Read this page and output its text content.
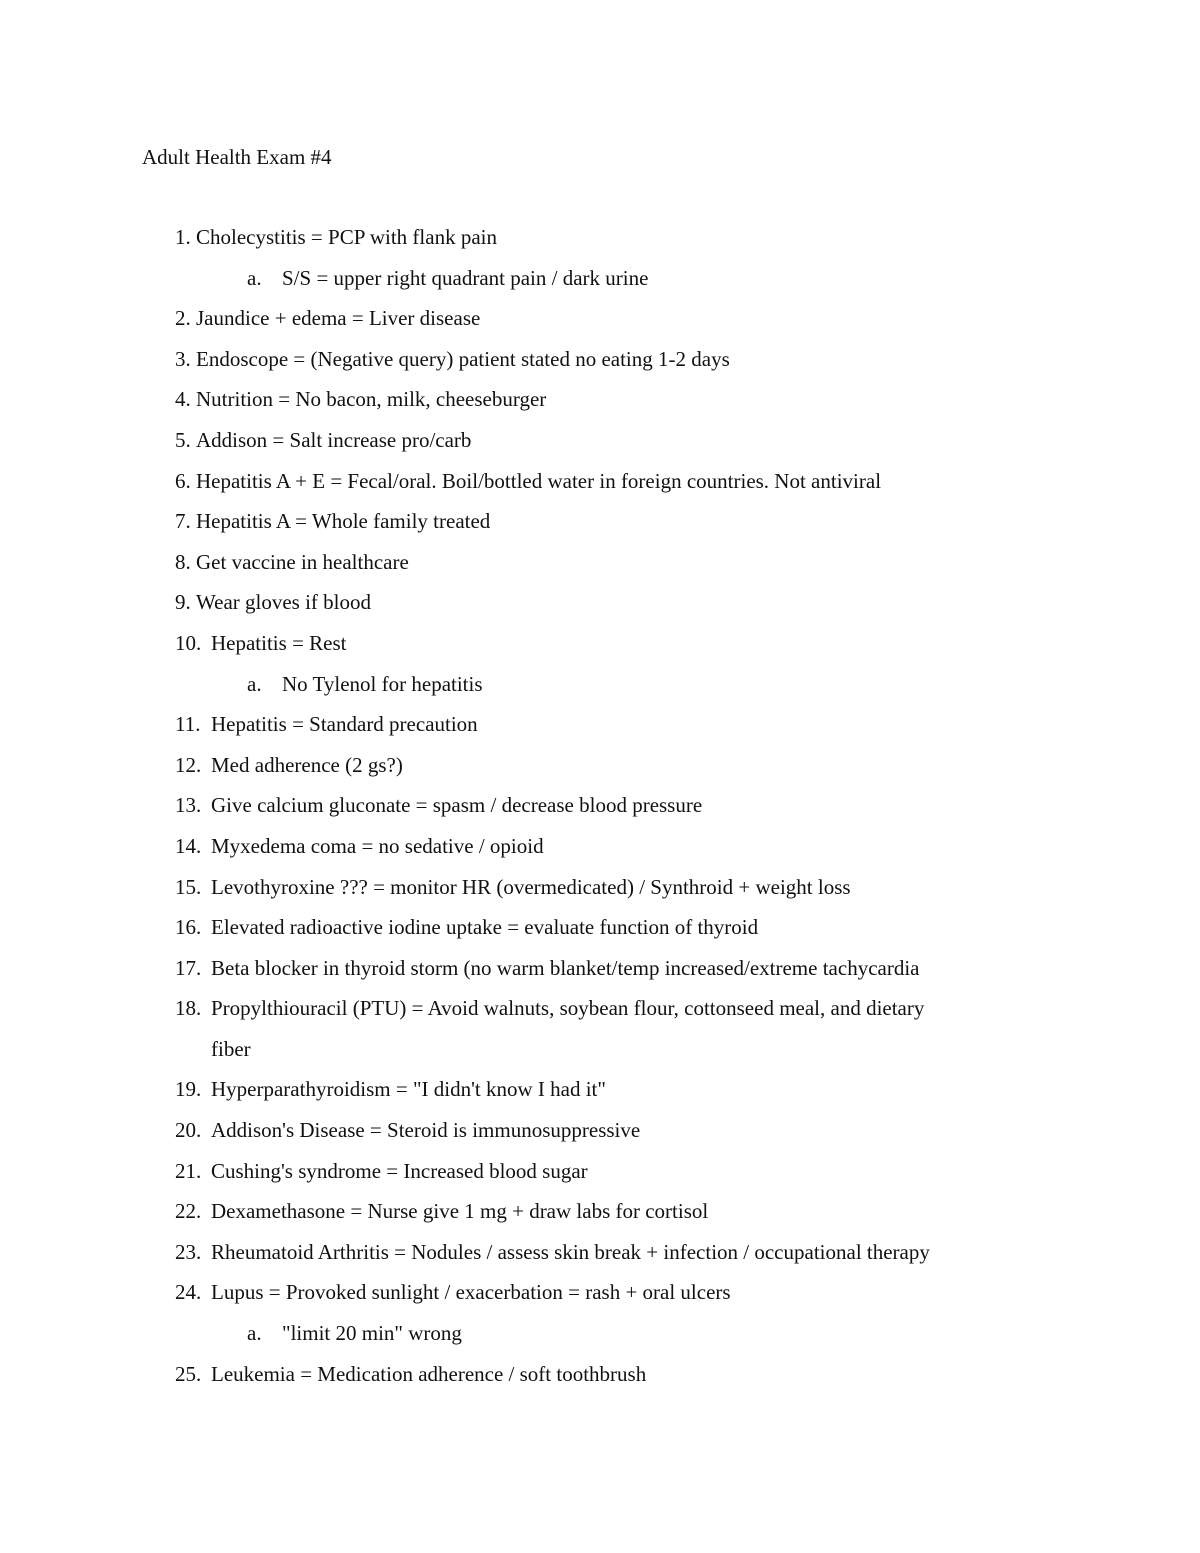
Adult Health Exam #4
1. Cholecystitis = PCP with flank pain
a. S/S = upper right quadrant pain / dark urine
2. Jaundice + edema = Liver disease
3. Endoscope = (Negative query) patient stated no eating 1-2 days
4. Nutrition = No bacon, milk, cheeseburger
5. Addison = Salt increase pro/carb
6. Hepatitis A + E = Fecal/oral. Boil/bottled water in foreign countries. Not antiviral
7. Hepatitis A = Whole family treated
8. Get vaccine in healthcare
9. Wear gloves if blood
10. Hepatitis = Rest
a. No Tylenol for hepatitis
11. Hepatitis = Standard precaution
12. Med adherence (2 gs?)
13. Give calcium gluconate = spasm / decrease blood pressure
14. Myxedema coma = no sedative / opioid
15. Levothyroxine ??? = monitor HR (overmedicated) / Synthroid + weight loss
16. Elevated radioactive iodine uptake = evaluate function of thyroid
17. Beta blocker in thyroid storm (no warm blanket/temp increased/extreme tachycardia
18. Propylthiouracil (PTU) = Avoid walnuts, soybean flour, cottonseed meal, and dietary
fiber
19. Hyperparathyroidism = "I didn't know I had it"
20. Addison's Disease = Steroid is immunosuppressive
21. Cushing's syndrome = Increased blood sugar
22. Dexamethasone = Nurse give 1 mg + draw labs for cortisol
23. Rheumatoid Arthritis = Nodules / assess skin break + infection / occupational therapy
24. Lupus = Provoked sunlight / exacerbation = rash + oral ulcers
a. "limit 20 min" wrong
25. Leukemia = Medication adherence / soft toothbrush
